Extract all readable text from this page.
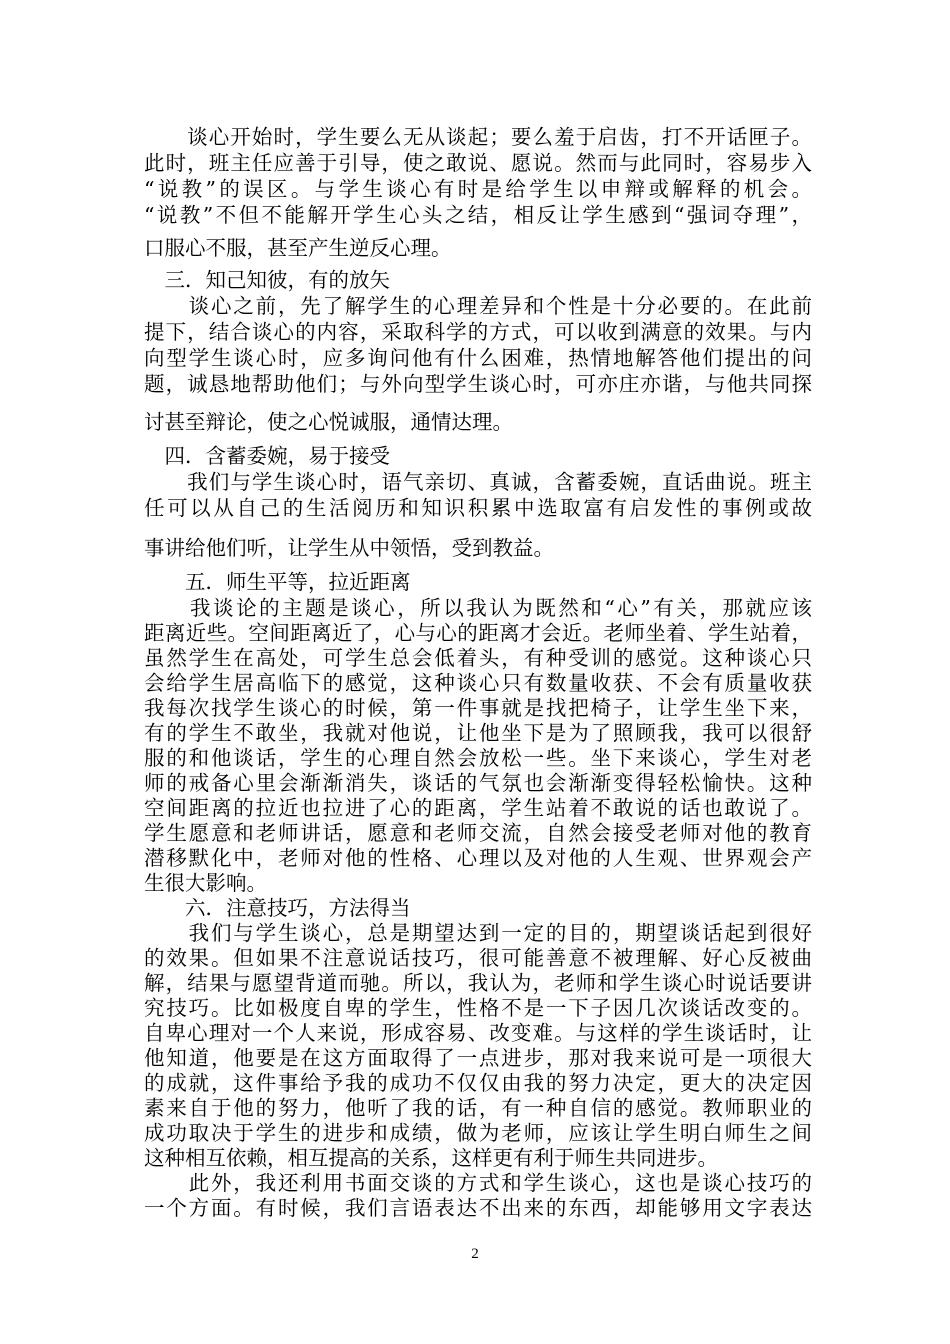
　　谈心开始时，学生要么无从谈起；要么羞于启齿，打不开话匣子。

此时，班主任应善于引导，使之敢说、愿说。然而与此同时，容易步入

“说教”的误区。与学生谈心有时是给学生以申辩或解释的机会。

“说教”不但不能解开学生心头之结，相反让学生感到“强词夺理”，

口服心不服，甚至产生逆反心理。

　三．知己知彼，有的放矢

　　谈心之前，先了解学生的心理差异和个性是十分必要的。在此前

提下，结合谈心的内容，采取科学的方式，可以收到满意的效果。与内

向型学生谈心时，应多询问他有什么困难，热情地解答他们提出的问

题，诚恳地帮助他们；与外向型学生谈心时，可亦庄亦谐，与他共同探

讨甚至辩论，使之心悦诚服，通情达理。

　四．含蓄委婉，易于接受

　　我们与学生谈心时，语气亲切、真诚，含蓄委婉，直话曲说。班主

任可以从自己的生活阅历和知识积累中选取富有启发性的事例或故

事讲给他们听，让学生从中领悟，受到教益。

　　五．师生平等，拉近距离

　　我谈论的主题是谈心，所以我认为既然和“心”有关，那就应该

距离近些。空间距离近了，心与心的距离才会近。老师坐着、学生站着，

虽然学生在高处，可学生总会低着头，有种受训的感觉。这种谈心只

会给学生居高临下的感觉，这种谈心只有数量收获、不会有质量收获

我每次找学生谈心的时候，第一件事就是找把椅子，让学生坐下来，

有的学生不敢坐，我就对他说，让他坐下是为了照顾我，我可以很舒

服的和他谈话，学生的心理自然会放松一些。坐下来谈心，学生对老

师的戒备心里会渐渐消失，谈话的气氛也会渐渐变得轻松愉快。这种

空间距离的拉近也拉进了心的距离，学生站着不敢说的话也敢说了。

学生愿意和老师讲话，愿意和老师交流，自然会接受老师对他的教育

潜移默化中，老师对他的性格、心理以及对他的人生观、世界观会产

生很大影响。

　　六．注意技巧，方法得当

　　我们与学生谈心，总是期望达到一定的目的，期望谈话起到很好

的效果。但如果不注意说话技巧，很可能善意不被理解、好心反被曲

解，结果与愿望背道而驰。所以，我认为，老师和学生谈心时说话要讲

究技巧。比如极度自卑的学生，性格不是一下子因几次谈话改变的。

自卑心理对一个人来说，形成容易、改变难。与这样的学生谈话时，让

他知道，他要是在这方面取得了一点进步，那对我来说可是一项很大

的成就，这件事给予我的成功不仅仅由我的努力决定，更大的决定因

素来自于他的努力，他听了我的话，有一种自信的感觉。教师职业的

成功取决于学生的进步和成绩，做为老师，应该让学生明白师生之间

这种相互依赖，相互提高的关系，这样更有利于师生共同进步。

　　此外，我还利用书面交谈的方式和学生谈心，这也是谈心技巧的

一个方面。有时候，我们言语表达不出来的东西，却能够用文字表达

2
